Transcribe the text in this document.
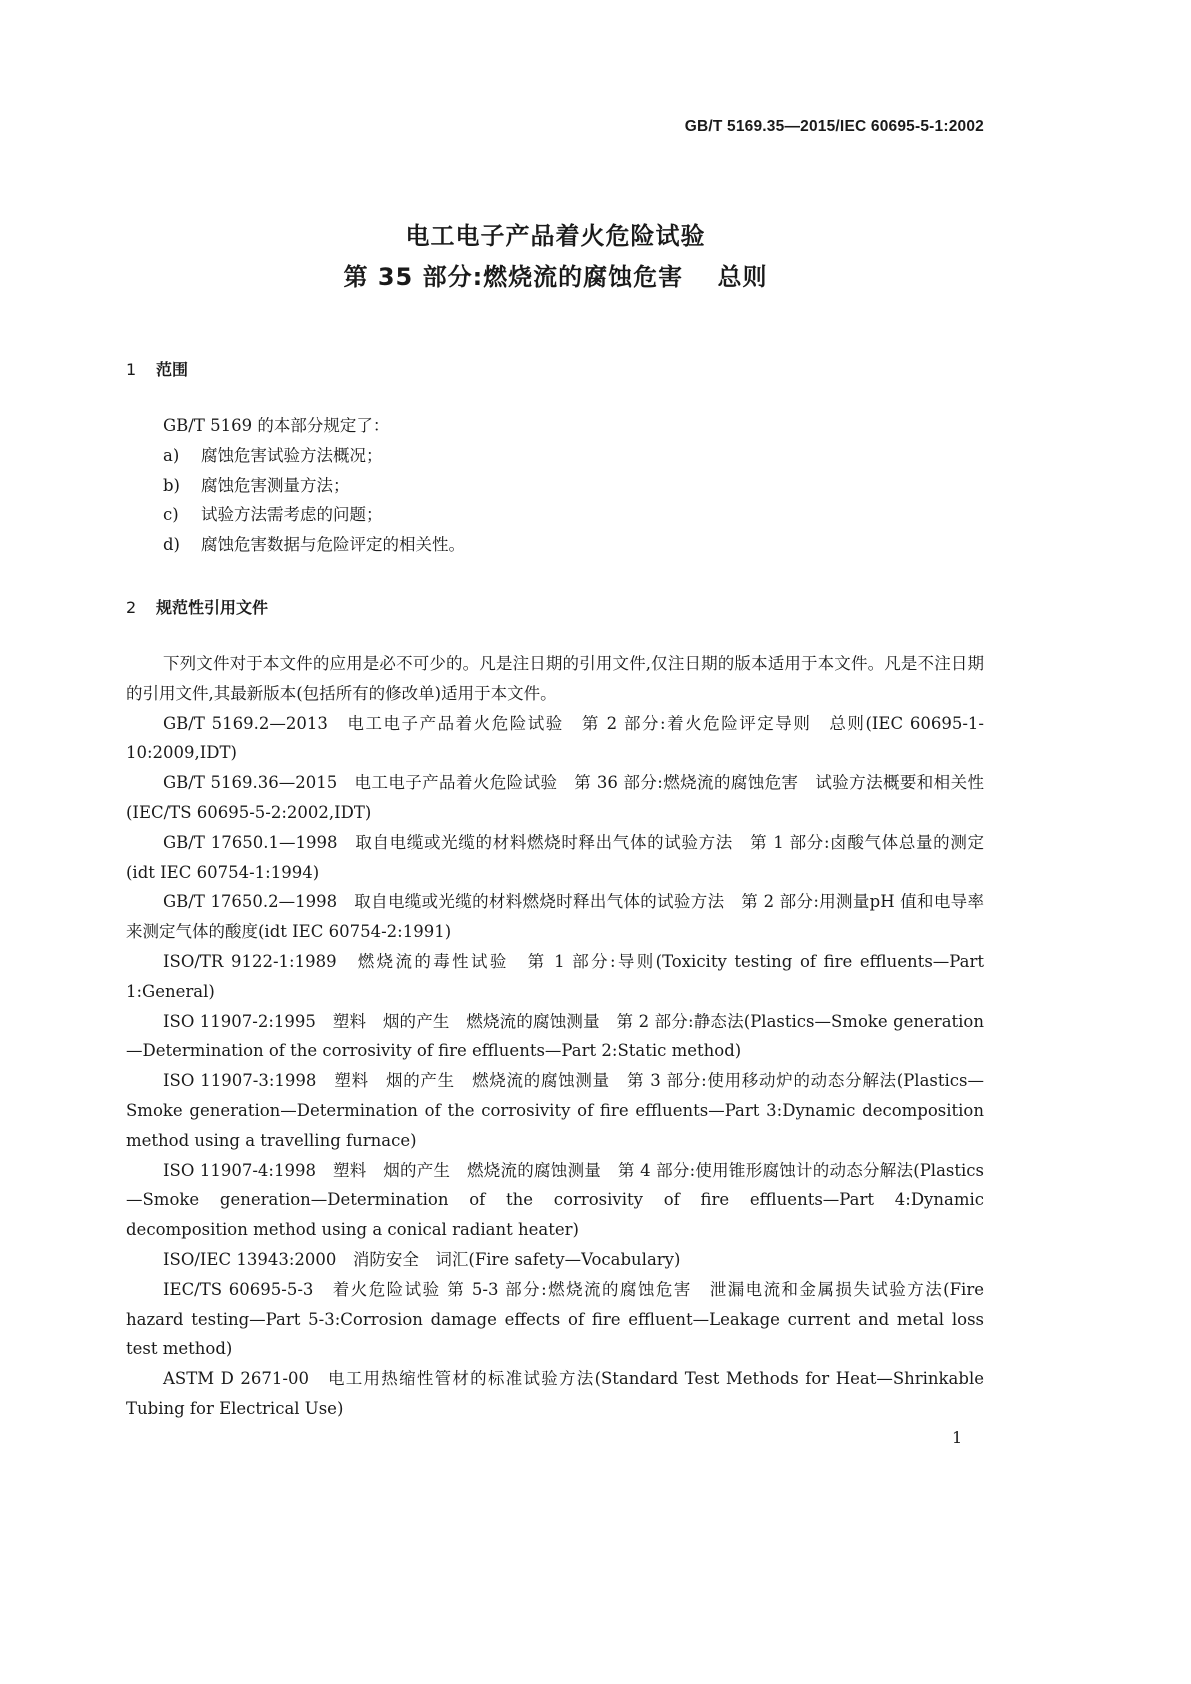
GB/T 5169.35—2015/IEC 60695-5-1:2002
电工电子产品着火危险试验
第 35 部分:燃烧流的腐蚀危害　 总则
1 范围
GB/T 5169 的本部分规定了：
a) 腐蚀危害试验方法概况；
b) 腐蚀危害测量方法；
c) 试验方法需考虑的问题；
d) 腐蚀危害数据与危险评定的相关性。
2 规范性引用文件

下列文件对于本文件的应用是必不可少的。凡是注日期的引用文件,仅注日期的版本适用于本文件。凡是不注日期的引用文件,其最新版本(包括所有的修改单)适用于本文件。

GB/T 5169.2—2013　电工电子产品着火危险试验　第 2 部分:着火危险评定导则　总则(IEC 60695-1-10:2009,IDT)

GB/T 5169.36—2015　电工电子产品着火危险试验　第 36 部分:燃烧流的腐蚀危害　试验方法概要和相关性(IEC/TS 60695-5-2:2002,IDT)

GB/T 17650.1—1998　取自电缆或光缆的材料燃烧时释出气体的试验方法　第 1 部分:卤酸气体总量的测定(idt IEC 60754-1:1994)

GB/T 17650.2—1998　取自电缆或光缆的材料燃烧时释出气体的试验方法　第 2 部分:用测量pH 值和电导率来测定气体的酸度(idt IEC 60754-2:1991)

ISO/TR 9122-1:1989　燃烧流的毒性试验　第 1 部分:导则(Toxicity testing of fire effluents—Part 1:General)

ISO 11907-2:1995　塑料　烟的产生　燃烧流的腐蚀测量　第 2 部分:静态法(Plastics—Smoke generation—Determination of the corrosivity of fire effluents—Part 2:Static method)

ISO 11907-3:1998　塑料　烟的产生　燃烧流的腐蚀测量　第 3 部分:使用移动炉的动态分解法(Plastics—Smoke generation—Determination of the corrosivity of fire effluents—Part 3:Dynamic decomposition method using a travelling furnace)

ISO 11907-4:1998　塑料　烟的产生　燃烧流的腐蚀测量　第 4 部分:使用锥形腐蚀计的动态分解法(Plastics—Smoke generation—Determination of the corrosivity of fire effluents—Part 4:Dynamic decomposition method using a conical radiant heater)

ISO/IEC 13943:2000　消防安全　词汇(Fire safety—Vocabulary)

IEC/TS 60695-5-3　着火危险试验 第 5-3 部分:燃烧流的腐蚀危害　泄漏电流和金属损失试验方法(Fire hazard testing—Part 5-3:Corrosion damage effects of fire effluent—Leakage current and metal loss test method)

ASTM D 2671-00　电工用热缩性管材的标准试验方法(Standard Test Methods for Heat—Shrinkable Tubing for Electrical Use)

1
